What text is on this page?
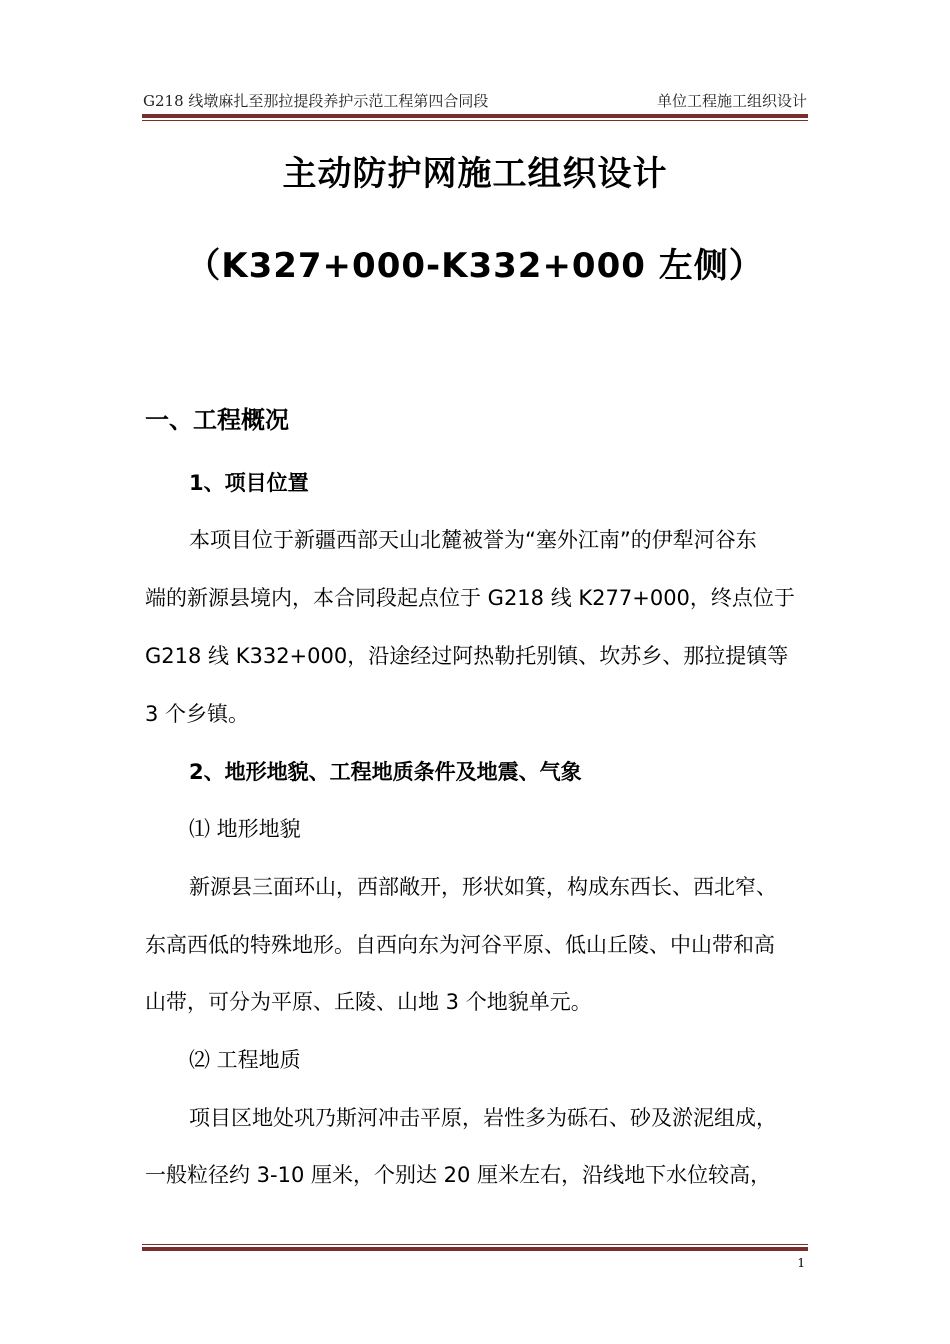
G218 线墩麻扎至那拉提段养护示范工程第四合同段	单位工程施工组织设计
主动防护网施工组织设计
（K327+000-K332+000 左侧）
一、工程概况
1、项目位置
本项目位于新疆西部天山北麓被誉为“塞外江南”的伊犁河谷东
端的新源县境内，本合同段起点位于 G218 线 K277+000，终点位于
G218 线 K332+000，沿途经过阿热勒托别镇、坎苏乡、那拉提镇等
3 个乡镇。
2、地形地貌、工程地质条件及地震、气象
⑴ 地形地貌
新源县三面环山，西部敞开，形状如箕，构成东西长、西北窄、
东高西低的特殊地形。自西向东为河谷平原、低山丘陵、中山带和高
山带，可分为平原、丘陵、山地 3 个地貌单元。
⑵ 工程地质
项目区地处巩乃斯河冲击平原，岩性多为砾石、砂及淤泥组成，
一般粒径约 3-10 厘米，个别达 20 厘米左右，沿线地下水位较高，
1
